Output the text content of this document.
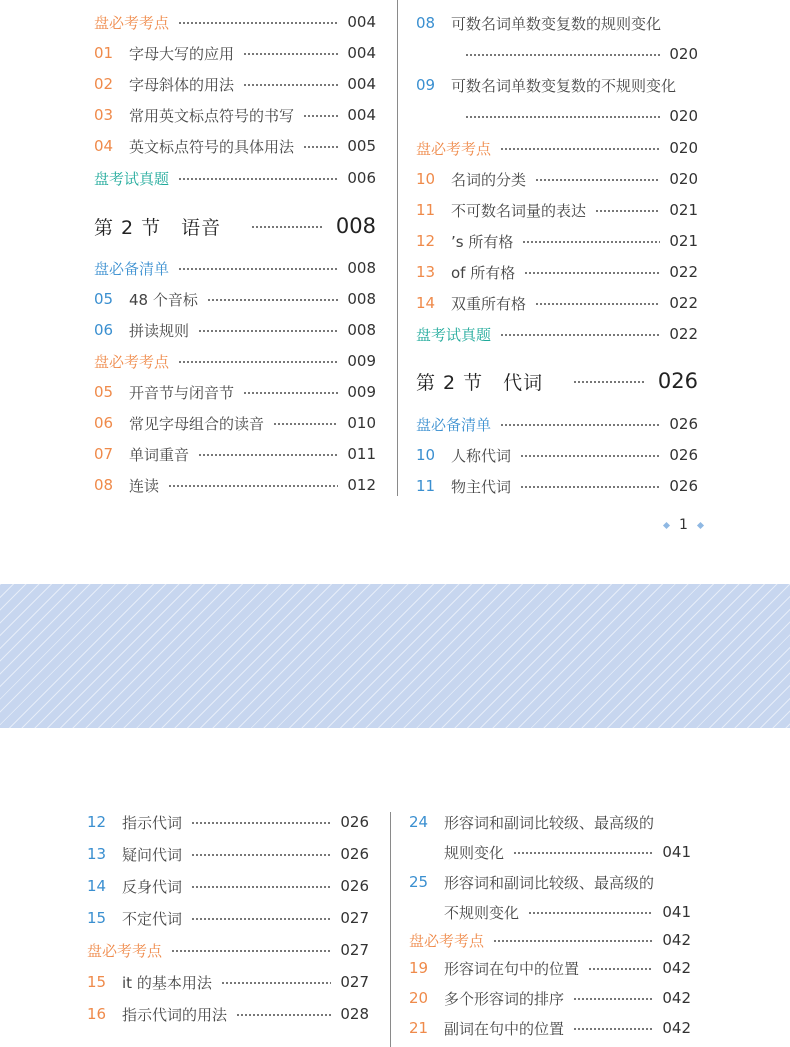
盘必考考点	004
01	字母大写的应用	004
02	字母斜体的用法	004
03	常用英文标点符号的书写	004
04	英文标点符号的具体用法	005
盘考试真题	006
第 2 节　语音	008
盘必备清单	008
05	48 个音标	008
06	拼读规则	008
盘必考考点	009
05	开音节与闭音节	009
06	常见字母组合的读音	010
07	单词重音	011
08	连读	012
08	可数名词单数变复数的规则变化
020
09	可数名词单数变复数的不规则变化
020
盘必考考点	020
10	名词的分类	020
11	不可数名词量的表达	021
12	’s 所有格	021
13	of 所有格	022
14	双重所有格	022
盘考试真题	022
第 2 节　代词	026
盘必备清单	026
10	人称代词	026
11	物主代词	026
1
12	指示代词	026
13	疑问代词	026
14	反身代词	026
15	不定代词	027
盘必考考点	027
15	it 的基本用法	027
16	指示代词的用法	028
24	形容词和副词比较级、最高级的
规则变化	041
25	形容词和副词比较级、最高级的
不规则变化	041
盘必考考点	042
19	形容词在句中的位置	042
20	多个形容词的排序	042
21	副词在句中的位置	042
